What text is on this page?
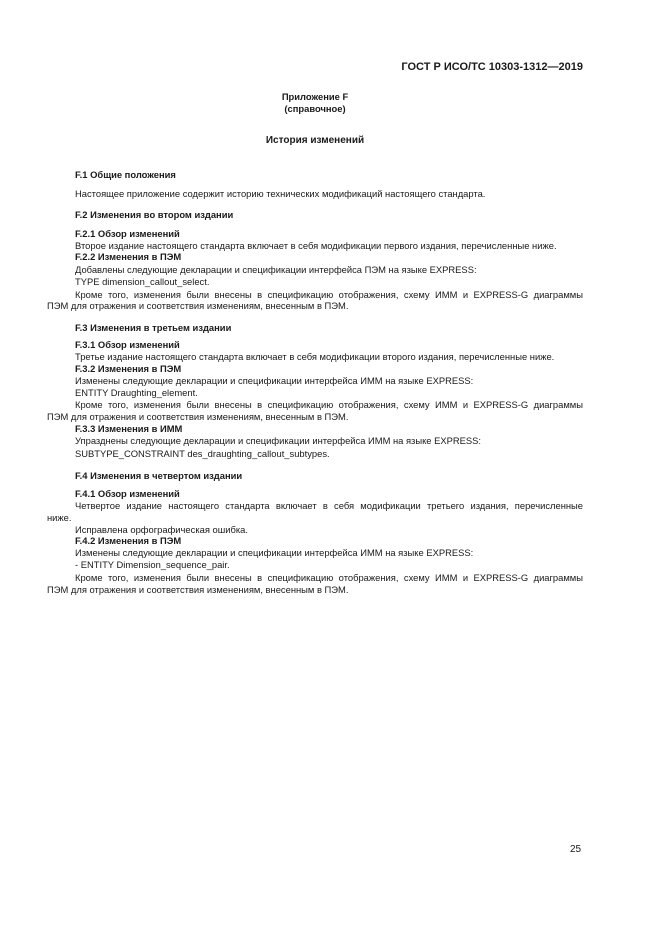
ГОСТ Р ИСО/ТС 10303-1312—2019
Приложение F
(справочное)
История изменений
F.1 Общие положения
Настоящее приложение содержит историю технических модификаций настоящего стандарта.
F.2 Изменения во втором издании
F.2.1 Обзор изменений
Второе издание настоящего стандарта включает в себя модификации первого издания, перечисленные ниже.
F.2.2 Изменения в ПЭМ
Добавлены следующие декларации и спецификации интерфейса ПЭМ на языке EXPRESS:
TYPE dimension_callout_select.
Кроме того, изменения были внесены в спецификацию отображения, схему ИММ и EXPRESS-G диаграммы
ПЭМ для отражения и соответствия изменениям, внесенным в ПЭМ.
F.3 Изменения в третьем издании
F.3.1 Обзор изменений
Третье издание настоящего стандарта включает в себя модификации второго издания, перечисленные ниже.
F.3.2 Изменения в ПЭМ
Изменены следующие декларации и спецификации интерфейса ИММ на языке EXPRESS:
ENTITY Draughting_element.
Кроме того, изменения были внесены в спецификацию отображения, схему ИММ и EXPRESS-G диаграммы
ПЭМ для отражения и соответствия изменениям, внесенным в ПЭМ.
F.3.3 Изменения в ИММ
Упразднены следующие декларации и спецификации интерфейса ИММ на языке EXPRESS:
SUBTYPE_CONSTRAINT des_draughting_callout_subtypes.
F.4 Изменения в четвертом издании
F.4.1 Обзор изменений
Четвертое издание настоящего стандарта включает в себя модификации третьего издания, перечисленные
ниже.
Исправлена орфографическая ошибка.
F.4.2 Изменения в ПЭМ
Изменены следующие декларации и спецификации интерфейса ИММ на языке EXPRESS:
- ENTITY Dimension_sequence_pair.
Кроме того, изменения были внесены в спецификацию отображения, схему ИММ и EXPRESS-G диаграммы
ПЭМ для отражения и соответствия изменениям, внесенным в ПЭМ.
25
